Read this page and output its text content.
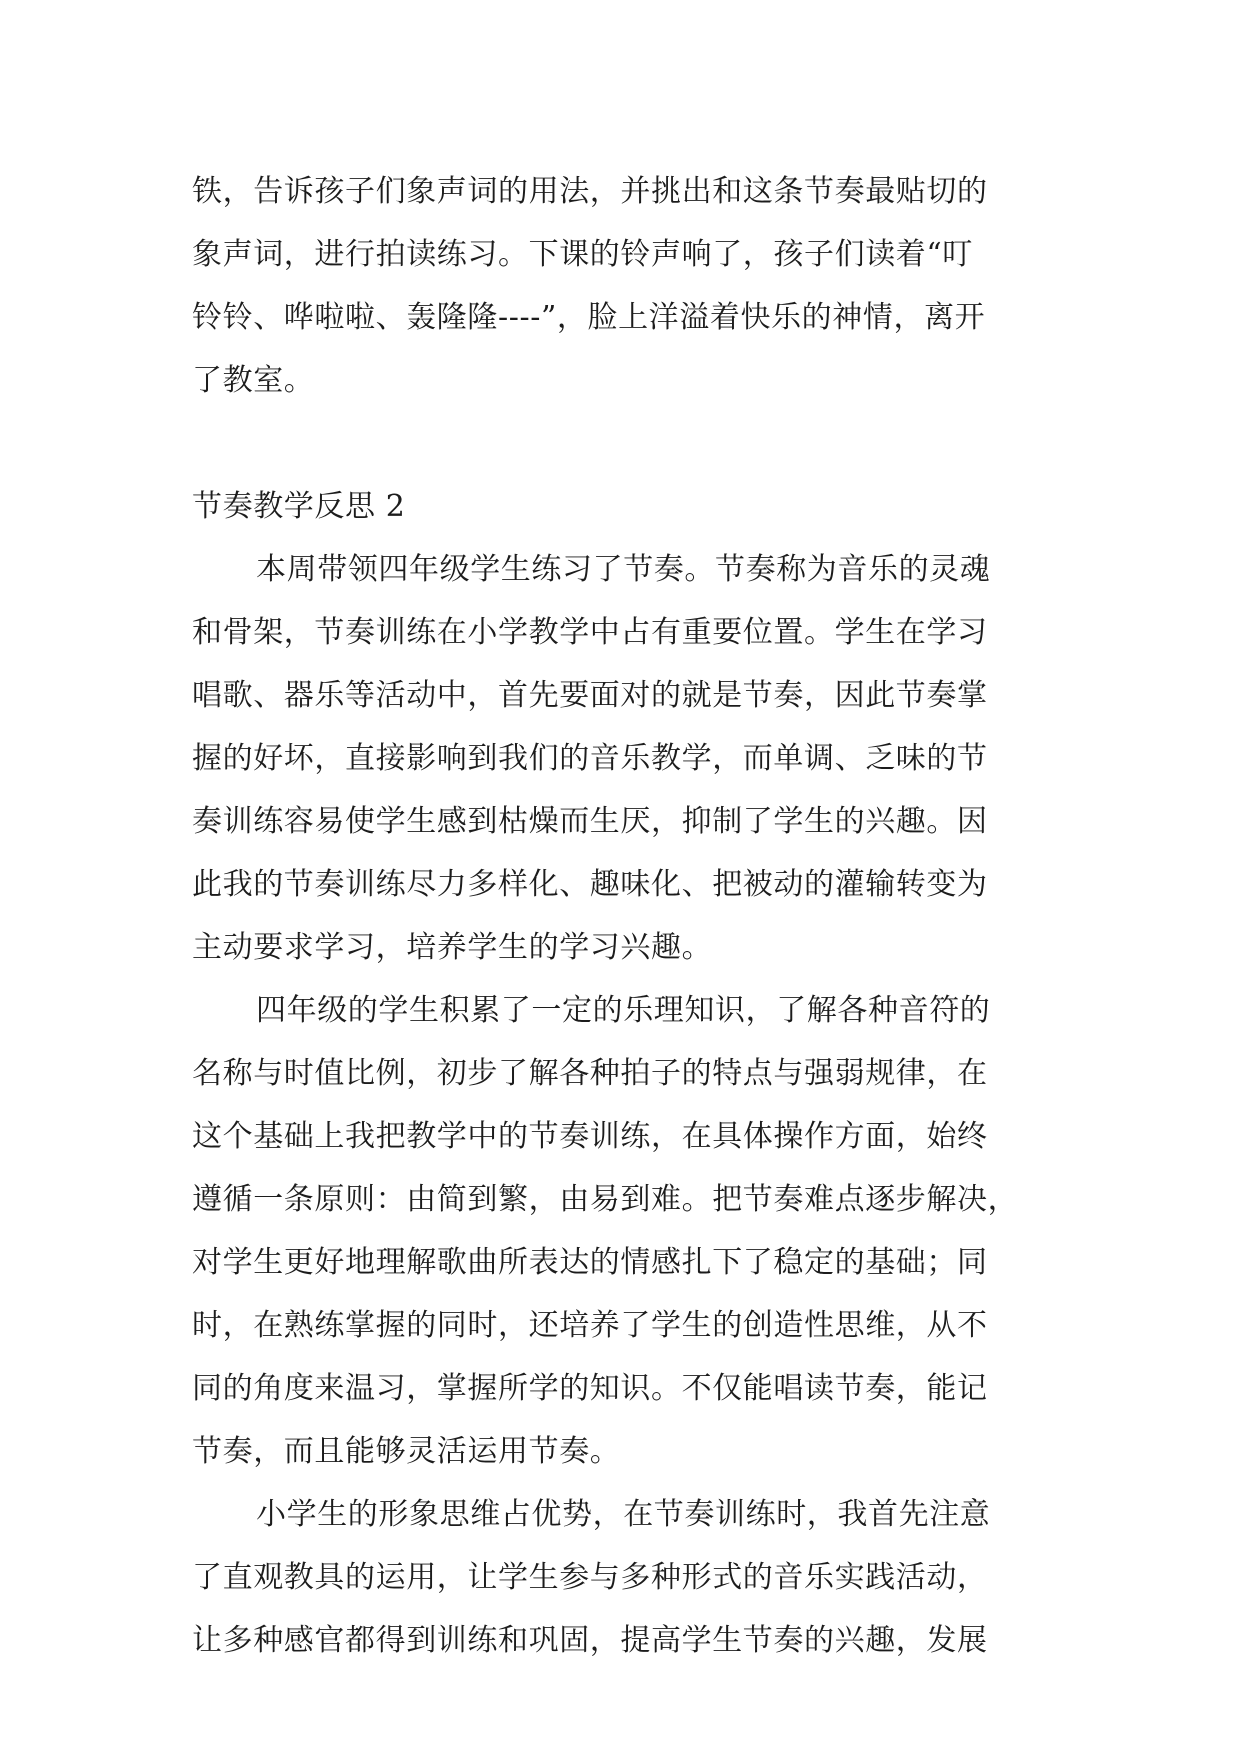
铁，告诉孩子们象声词的用法，并挑出和这条节奏最贴切的
象声词，进行拍读练习。下课的铃声响了，孩子们读着“叮
铃铃、哗啦啦、轰隆隆----”，脸上洋溢着快乐的神情，离开
了教室。
节奏教学反思 2
本周带领四年级学生练习了节奏。节奏称为音乐的灵魂
和骨架，节奏训练在小学教学中占有重要位置。学生在学习
唱歌、器乐等活动中，首先要面对的就是节奏，因此节奏掌
握的好坏，直接影响到我们的音乐教学，而单调、乏味的节
奏训练容易使学生感到枯燥而生厌，抑制了学生的兴趣。因
此我的节奏训练尽力多样化、趣味化、把被动的灌输转变为
主动要求学习，培养学生的学习兴趣。
四年级的学生积累了一定的乐理知识，了解各种音符的
名称与时值比例，初步了解各种拍子的特点与强弱规律，在
这个基础上我把教学中的节奏训练，在具体操作方面，始终
遵循一条原则：由简到繁，由易到难。把节奏难点逐步解决，
对学生更好地理解歌曲所表达的情感扎下了稳定的基础；同
时，在熟练掌握的同时，还培养了学生的创造性思维，从不
同的角度来温习，掌握所学的知识。不仅能唱读节奏，能记
节奏，而且能够灵活运用节奏。
小学生的形象思维占优势，在节奏训练时，我首先注意
了直观教具的运用，让学生参与多种形式的音乐实践活动，
让多种感官都得到训练和巩固，提高学生节奏的兴趣，发展
